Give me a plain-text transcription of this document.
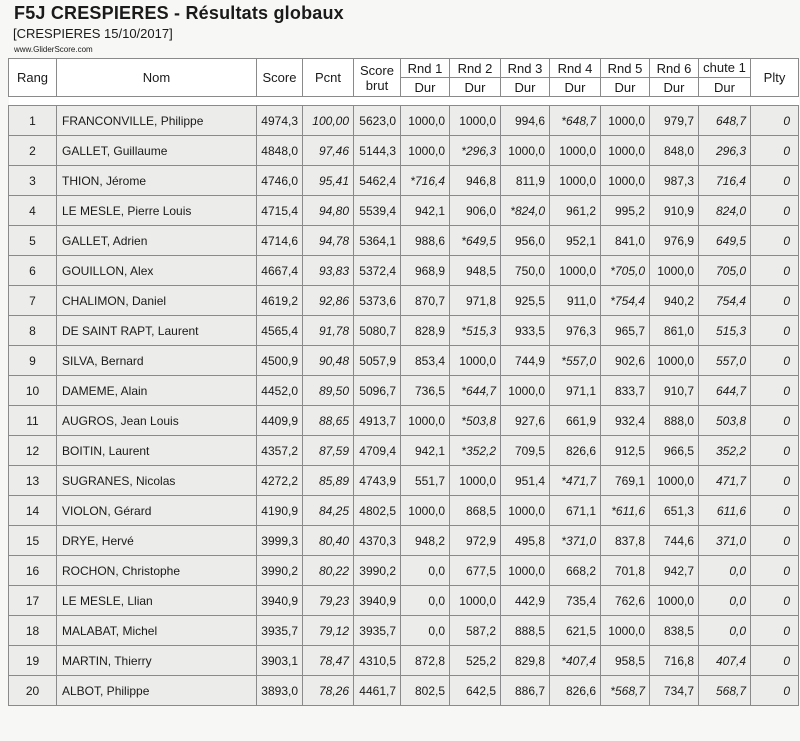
F5J CRESPIERES - Résultats globaux
[CRESPIERES 15/10/2017]
www.GliderScore.com
Rang	Nom	Score	Pcnt	Score brut	Rnd 1	Rnd 2	Rnd 3	Rnd 4	Rnd 5	Rnd 6	chute 1	Plty
					Dur	Dur	Dur	Dur	Dur	Dur	Dur	

1	FRANCONVILLE, Philippe	4974,3	100,00	5623,0	1000,0	1000,0	994,6	*648,7	1000,0	979,7	648,7	0
2	GALLET, Guillaume	4848,0	97,46	5144,3	1000,0	*296,3	1000,0	1000,0	1000,0	848,0	296,3	0
3	THION, Jérome	4746,0	95,41	5462,4	*716,4	946,8	811,9	1000,0	1000,0	987,3	716,4	0
4	LE MESLE, Pierre Louis	4715,4	94,80	5539,4	942,1	906,0	*824,0	961,2	995,2	910,9	824,0	0
5	GALLET, Adrien	4714,6	94,78	5364,1	988,6	*649,5	956,0	952,1	841,0	976,9	649,5	0
6	GOUILLON, Alex	4667,4	93,83	5372,4	968,9	948,5	750,0	1000,0	*705,0	1000,0	705,0	0
7	CHALIMON, Daniel	4619,2	92,86	5373,6	870,7	971,8	925,5	911,0	*754,4	940,2	754,4	0
8	DE SAINT RAPT, Laurent	4565,4	91,78	5080,7	828,9	*515,3	933,5	976,3	965,7	861,0	515,3	0
9	SILVA, Bernard	4500,9	90,48	5057,9	853,4	1000,0	744,9	*557,0	902,6	1000,0	557,0	0
10	DAMEME, Alain	4452,0	89,50	5096,7	736,5	*644,7	1000,0	971,1	833,7	910,7	644,7	0
11	AUGROS, Jean Louis	4409,9	88,65	4913,7	1000,0	*503,8	927,6	661,9	932,4	888,0	503,8	0
12	BOITIN, Laurent	4357,2	87,59	4709,4	942,1	*352,2	709,5	826,6	912,5	966,5	352,2	0
13	SUGRANES, Nicolas	4272,2	85,89	4743,9	551,7	1000,0	951,4	*471,7	769,1	1000,0	471,7	0
14	VIOLON, Gérard	4190,9	84,25	4802,5	1000,0	868,5	1000,0	671,1	*611,6	651,3	611,6	0
15	DRYE, Hervé	3999,3	80,40	4370,3	948,2	972,9	495,8	*371,0	837,8	744,6	371,0	0
16	ROCHON, Christophe	3990,2	80,22	3990,2	0,0	677,5	1000,0	668,2	701,8	942,7	0,0	0
17	LE MESLE, Llian	3940,9	79,23	3940,9	0,0	1000,0	442,9	735,4	762,6	1000,0	0,0	0
18	MALABAT, Michel	3935,7	79,12	3935,7	0,0	587,2	888,5	621,5	1000,0	838,5	0,0	0
19	MARTIN, Thierry	3903,1	78,47	4310,5	872,8	525,2	829,8	*407,4	958,5	716,8	407,4	0
20	ALBOT, Philippe	3893,0	78,26	4461,7	802,5	642,5	886,7	826,6	*568,7	734,7	568,7	0
